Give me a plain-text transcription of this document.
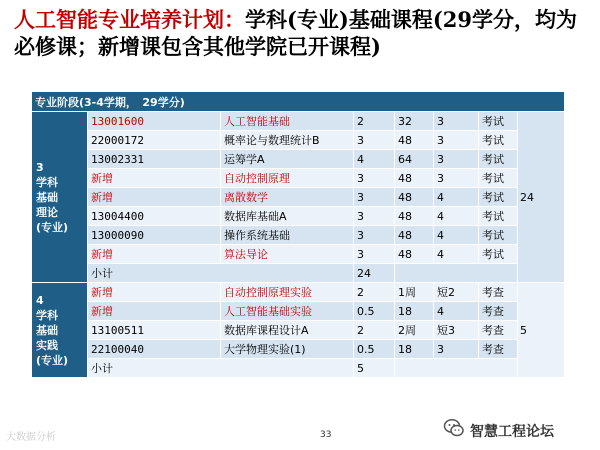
人工智能专业培养计划：学科(专业)基础课程(29学分，均为必修课；新增课包含其他学院已开课程)
专业阶段(3-4学期，　29学分)							
3
学科
基础
理论
(专业)	13001600	人工智能基础	2	32	3	考试	24
	22000172	概率论与数理统计B	3	48	3	考试	
	13002331	运筹学A	4	64	3	考试	
	新增	自动控制原理	3	48	3	考试	
	新增	离散数学	3	48	4	考试	
	13004400	数据库基础A	3	48	4	考试	
	13000090	操作系统基础	3	48	4	考试	
	新增	算法导论	3	48	4	考试	
	小计		24				
4
学科
基础
实践
(专业)	新增	自动控制原理实验	2	1周	短2	考查	5
	新增	人工智能基础实验	0.5	18	4	考查	
	13100511	数据库课程设计A	2	2周	短3	考查	
	22100040	大学物理实验(1)	0.5	18	3	考查	
	小计		5				
大数据分析	33	智慧工程论坛
